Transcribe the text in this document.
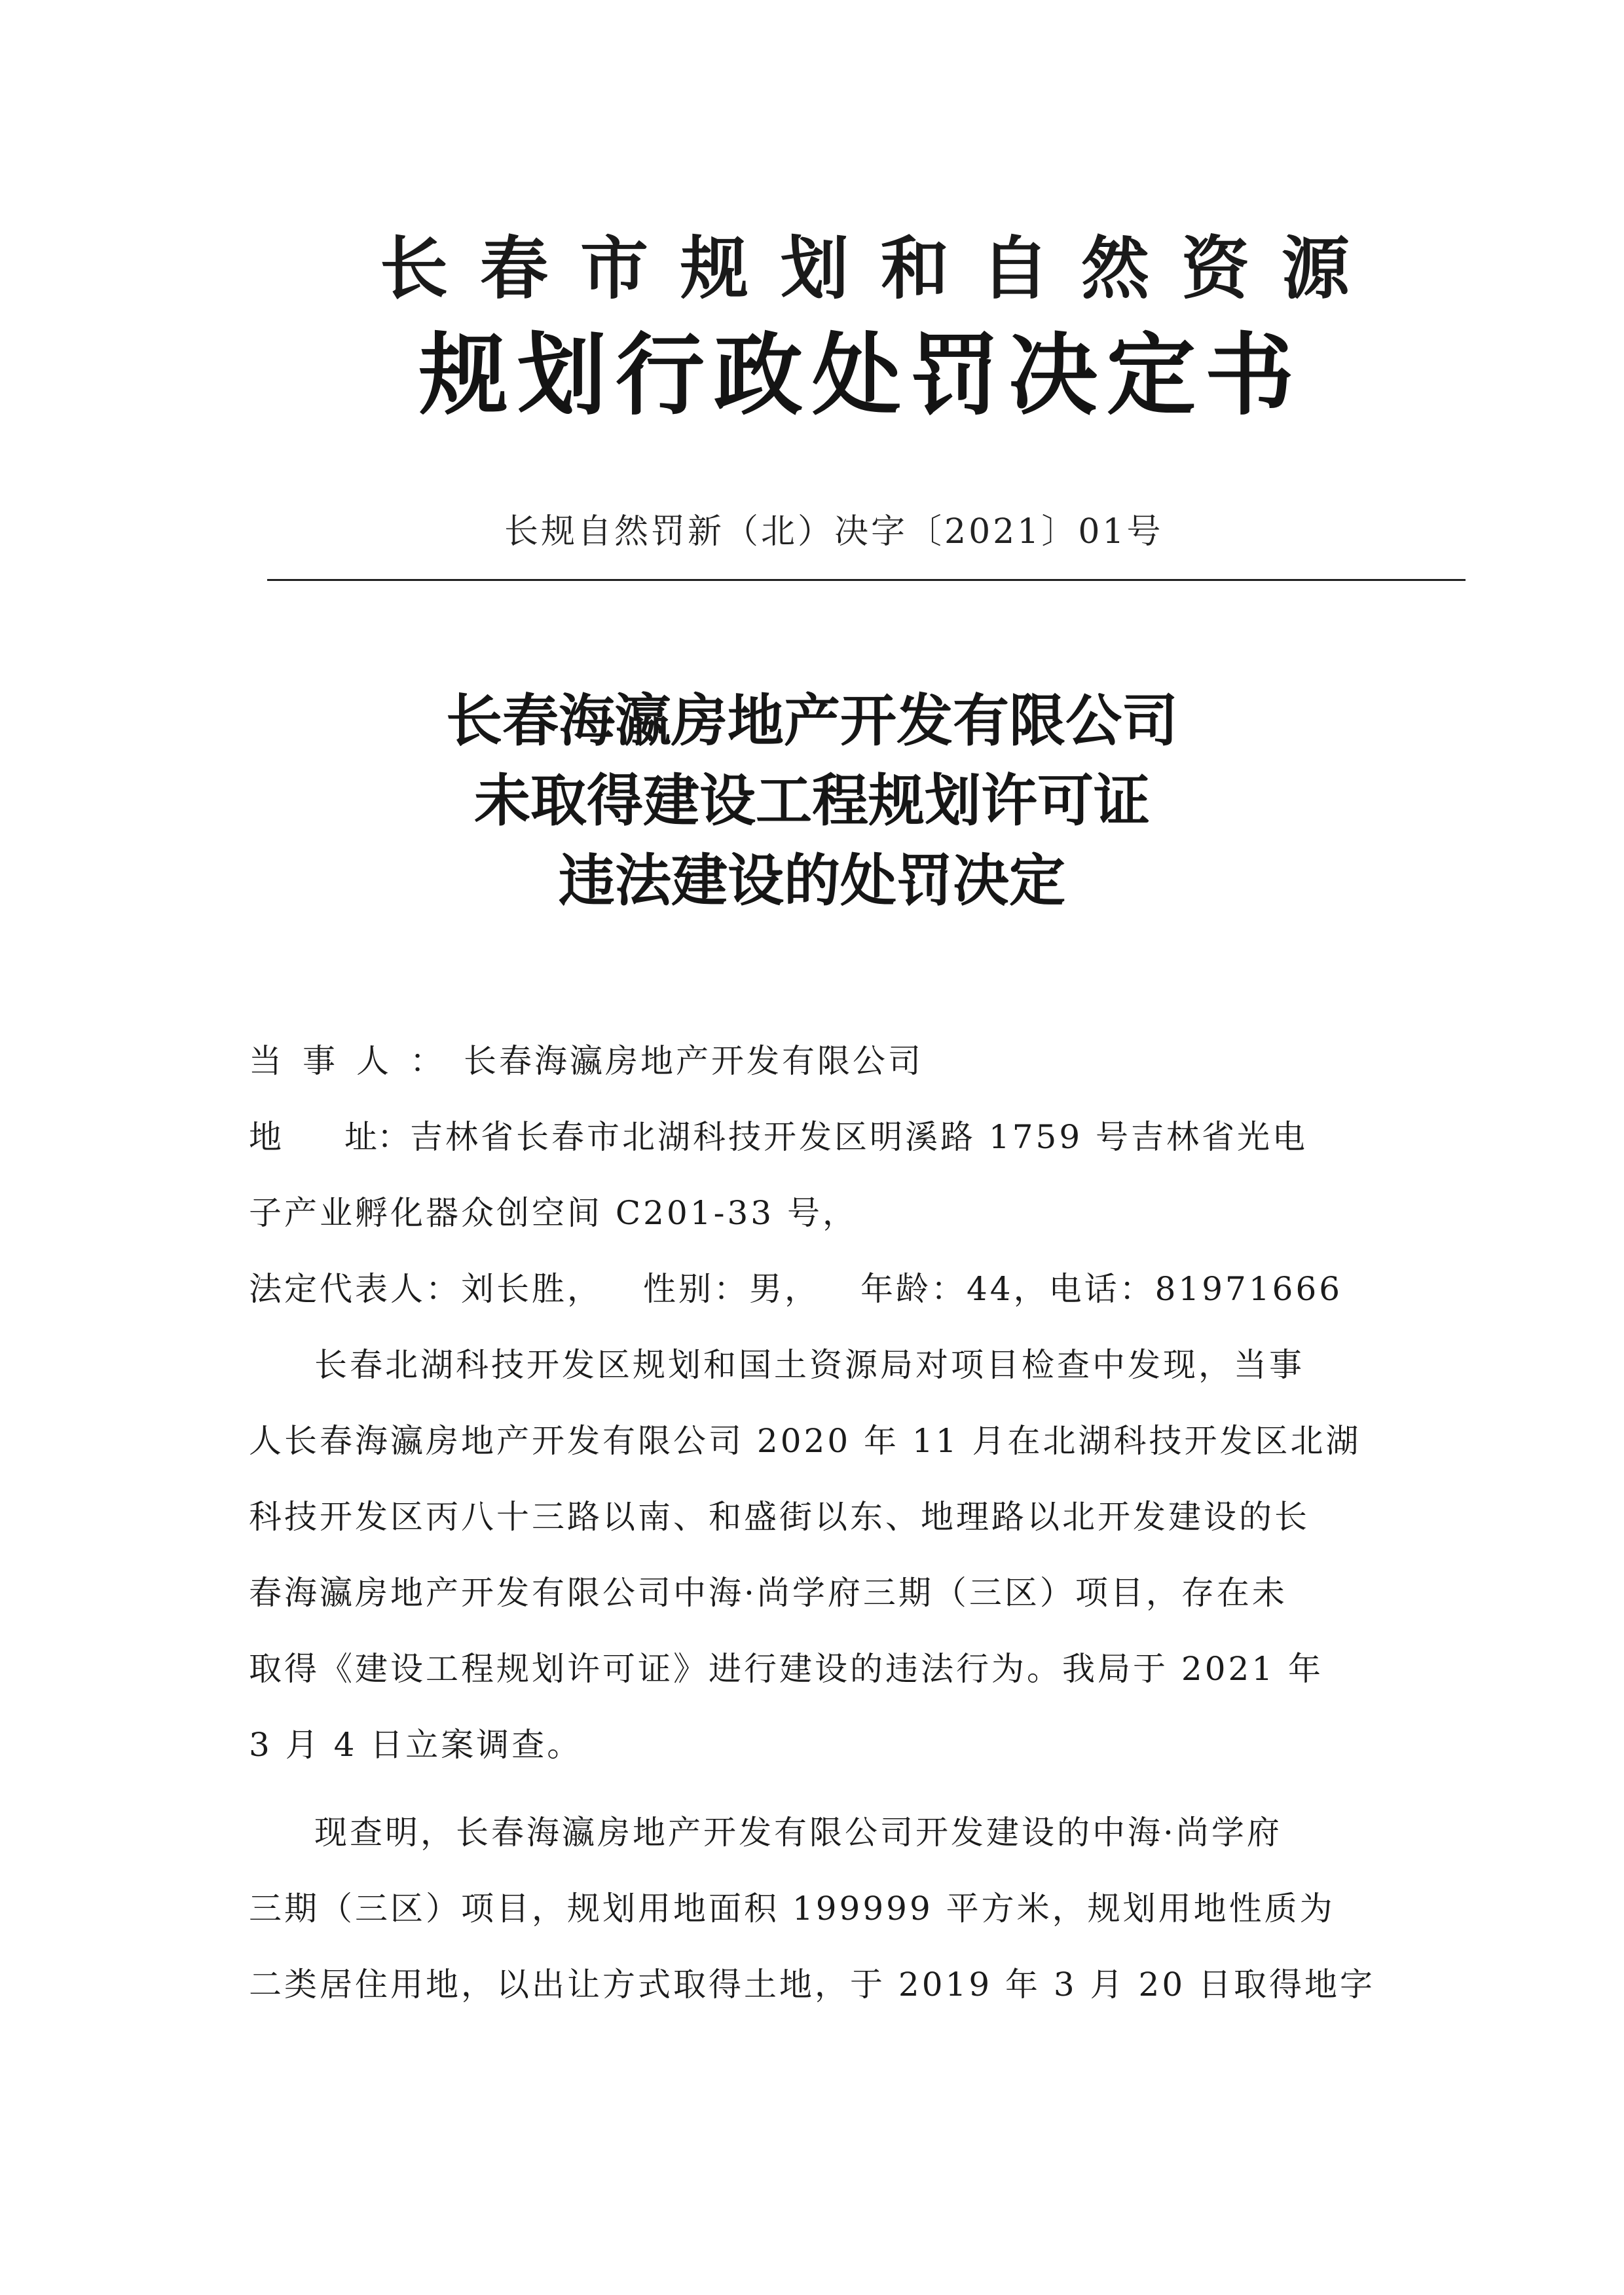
长春市规划和自然资源
规划行政处罚决定书
长规自然罚新（北）决字〔2021〕01号
长春海瀛房地产开发有限公司
未取得建设工程规划许可证
违法建设的处罚决定
当事人：长春海瀛房地产开发有限公司
地 址： 吉林省长春市北湖科技开发区明溪路 1759 号吉林省光电
子产业孵化器众创空间 C201-33 号，
法定代表人：刘长胜， 性别：男， 年龄：44，电话：81971666
长春北湖科技开发区规划和国土资源局对项目检查中发现，当事
人长春海瀛房地产开发有限公司 2020 年 11 月在北湖科技开发区北湖
科技开发区丙八十三路以南、和盛街以东、地理路以北开发建设的长
春海瀛房地产开发有限公司中海·尚学府三期（三区）项目，存在未
取得《建设工程规划许可证》进行建设的违法行为。我局于 2021 年
3 月 4 日立案调查。
现查明，长春海瀛房地产开发有限公司开发建设的中海·尚学府
三期（三区）项目，规划用地面积 199999 平方米，规划用地性质为
二类居住用地，以出让方式取得土地，于 2019 年 3 月 20 日取得地字
